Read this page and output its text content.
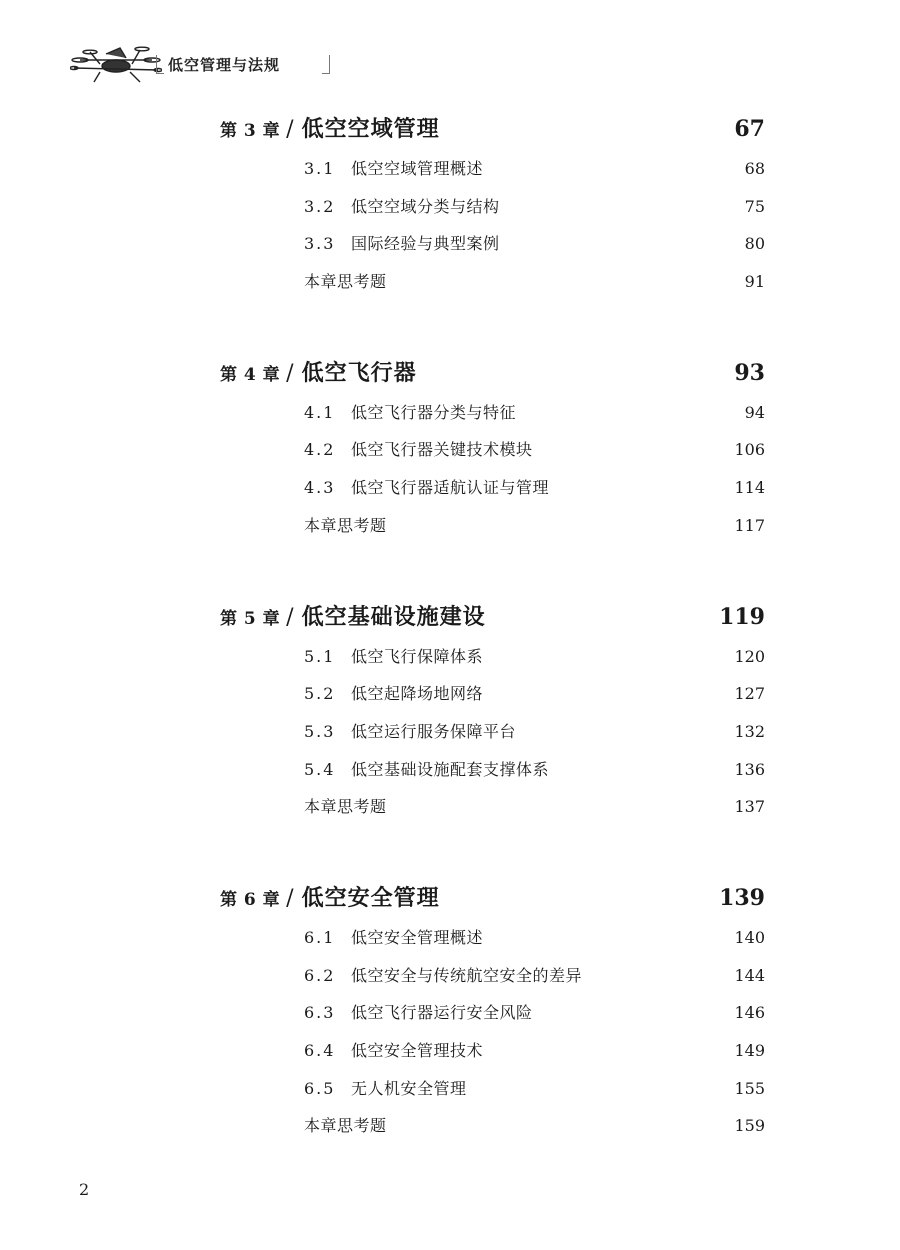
低空管理与法规
第 3 章 / 低空空域管理	67
3.1 低空空域管理概述	68
3.2 低空空域分类与结构	75
3.3 国际经验与典型案例	80
本章思考题	91
第 4 章 / 低空飞行器	93
4.1 低空飞行器分类与特征	94
4.2 低空飞行器关键技术模块	106
4.3 低空飞行器适航认证与管理	114
本章思考题	117
第 5 章 / 低空基础设施建设	119
5.1 低空飞行保障体系	120
5.2 低空起降场地网络	127
5.3 低空运行服务保障平台	132
5.4 低空基础设施配套支撑体系	136
本章思考题	137
第 6 章 / 低空安全管理	139
6.1 低空安全管理概述	140
6.2 低空安全与传统航空安全的差异	144
6.3 低空飞行器运行安全风险	146
6.4 低空安全管理技术	149
6.5 无人机安全管理	155
本章思考题	159
2
